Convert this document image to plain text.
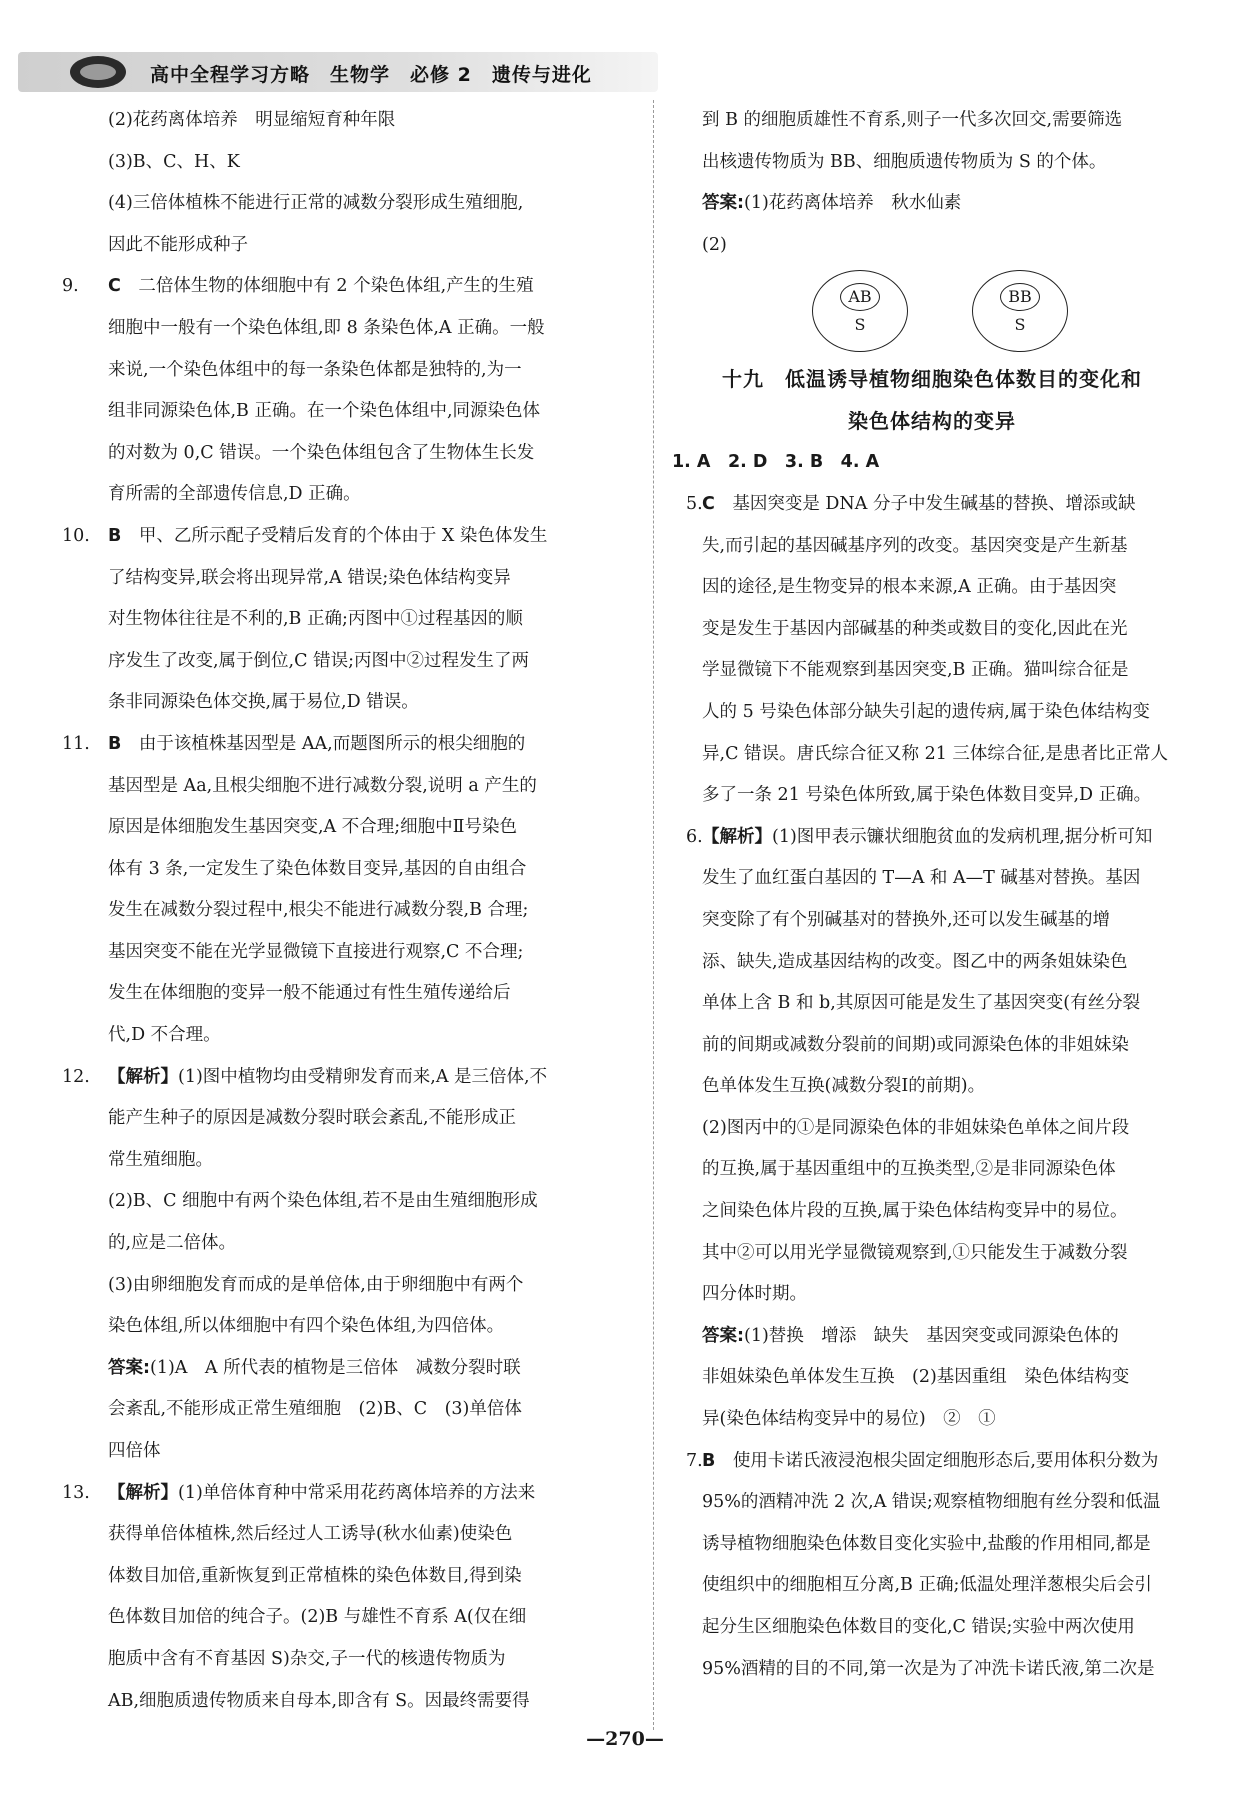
高中全程学习方略　生物学　必修 2　遗传与进化
(2)花药离体培养　明显缩短育种年限
(3)B、C、H、K
(4)三倍体植株不能进行正常的减数分裂形成生殖细胞,
因此不能形成种子
9.	C　二倍体生物的体细胞中有 2 个染色体组,产生的生殖
细胞中一般有一个染色体组,即 8 条染色体,A 正确。一般
来说,一个染色体组中的每一条染色体都是独特的,为一
组非同源染色体,B 正确。在一个染色体组中,同源染色体
的对数为 0,C 错误。一个染色体组包含了生物体生长发
育所需的全部遗传信息,D 正确。
10.	B　甲、乙所示配子受精后发育的个体由于 X 染色体发生
了结构变异,联会将出现异常,A 错误;染色体结构变异
对生物体往往是不利的,B 正确;丙图中①过程基因的顺
序发生了改变,属于倒位,C 错误;丙图中②过程发生了两
条非同源染色体交换,属于易位,D 错误。
11.	B　由于该植株基因型是 AA,而题图所示的根尖细胞的
基因型是 Aa,且根尖细胞不进行减数分裂,说明 a 产生的
原因是体细胞发生基因突变,A 不合理;细胞中Ⅱ号染色
体有 3 条,一定发生了染色体数目变异,基因的自由组合
发生在减数分裂过程中,根尖不能进行减数分裂,B 合理;
基因突变不能在光学显微镜下直接进行观察,C 不合理;
发生在体细胞的变异一般不能通过有性生殖传递给后
代,D 不合理。
12.	【解析】(1)图中植物均由受精卵发育而来,A 是三倍体,不
能产生种子的原因是减数分裂时联会紊乱,不能形成正
常生殖细胞。
(2)B、C 细胞中有两个染色体组,若不是由生殖细胞形成
的,应是二倍体。
(3)由卵细胞发育而成的是单倍体,由于卵细胞中有两个
染色体组,所以体细胞中有四个染色体组,为四倍体。
答案:(1)A　A 所代表的植物是三倍体　减数分裂时联
会紊乱,不能形成正常生殖细胞　(2)B、C　(3)单倍体
四倍体
13.	【解析】(1)单倍体育种中常采用花药离体培养的方法来
获得单倍体植株,然后经过人工诱导(秋水仙素)使染色
体数目加倍,重新恢复到正常植株的染色体数目,得到染
色体数目加倍的纯合子。(2)B 与雄性不育系 A(仅在细
胞质中含有不育基因 S)杂交,子一代的核遗传物质为
AB,细胞质遗传物质来自母本,即含有 S。因最终需要得
到 B 的细胞质雄性不育系,则子一代多次回交,需要筛选
出核遗传物质为 BB、细胞质遗传物质为 S 的个体。
答案:(1)花药离体培养　秋水仙素
(2)
AB
S
BB
S
十九　低温诱导植物细胞染色体数目的变化和
染色体结构的变异
1. A　2. D　3. B　4. A
5. C　基因突变是 DNA 分子中发生碱基的替换、增添或缺
失,而引起的基因碱基序列的改变。基因突变是产生新基
因的途径,是生物变异的根本来源,A 正确。由于基因突
变是发生于基因内部碱基的种类或数目的变化,因此在光
学显微镜下不能观察到基因突变,B 正确。猫叫综合征是
人的 5 号染色体部分缺失引起的遗传病,属于染色体结构变
异,C 错误。唐氏综合征又称 21 三体综合征,是患者比正常人
多了一条 21 号染色体所致,属于染色体数目变异,D 正确。
6. 【解析】(1)图甲表示镰状细胞贫血的发病机理,据分析可知
发生了血红蛋白基因的 T—A 和 A—T 碱基对替换。基因
突变除了有个别碱基对的替换外,还可以发生碱基的增
添、缺失,造成基因结构的改变。图乙中的两条姐妹染色
单体上含 B 和 b,其原因可能是发生了基因突变(有丝分裂
前的间期或减数分裂前的间期)或同源染色体的非姐妹染
色单体发生互换(减数分裂Ⅰ的前期)。
(2)图丙中的①是同源染色体的非姐妹染色单体之间片段
的互换,属于基因重组中的互换类型,②是非同源染色体
之间染色体片段的互换,属于染色体结构变异中的易位。
其中②可以用光学显微镜观察到,①只能发生于减数分裂
四分体时期。
答案:(1)替换　增添　缺失　基因突变或同源染色体的
非姐妹染色单体发生互换　(2)基因重组　染色体结构变
异(染色体结构变异中的易位)　②　①
7. B　使用卡诺氏液浸泡根尖固定细胞形态后,要用体积分数为
95%的酒精冲洗 2 次,A 错误;观察植物细胞有丝分裂和低温
诱导植物细胞染色体数目变化实验中,盐酸的作用相同,都是
使组织中的细胞相互分离,B 正确;低温处理洋葱根尖后会引
起分生区细胞染色体数目的变化,C 错误;实验中两次使用
95%酒精的目的不同,第一次是为了冲洗卡诺氏液,第二次是
—270—
